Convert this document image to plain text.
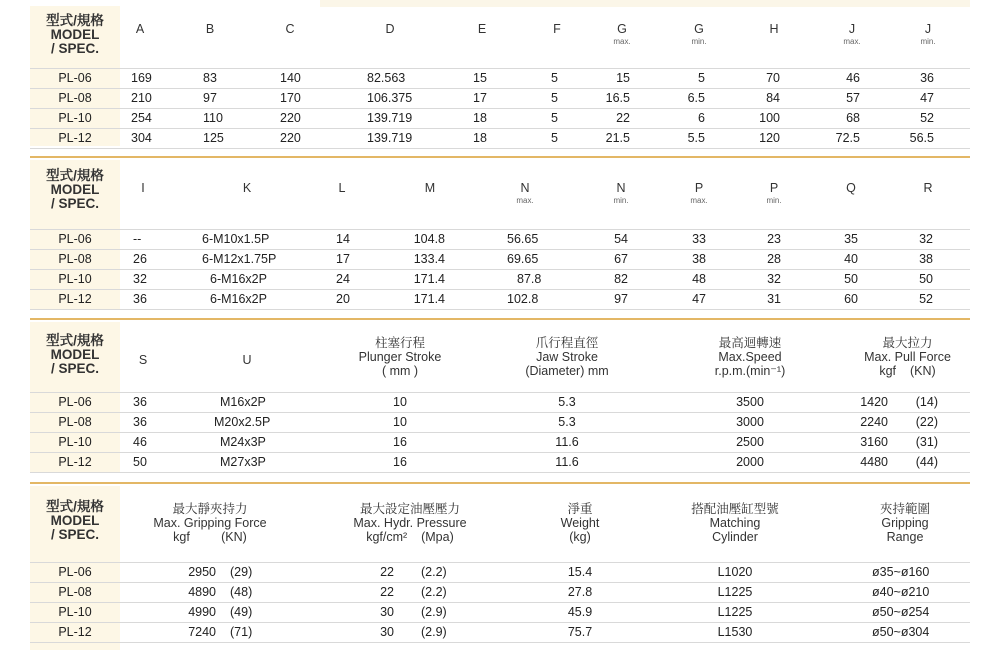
型式/規格
MODEL
/ SPEC.
A	B	C	D	E	F	G
max.
G
min.
H	J
max.
J
min.
PL-06	169	83	140	82.563	15	5	15	5	70	46	36
PL-08	210	97	170	106.375	17	5	16.5	6.5	84	57	47
PL-10	254	110	220	139.719	18	5	22	6	100	68	52
PL-12	304	125	220	139.719	18	5	21.5	5.5	120	72.5	56.5
型式/規格
MODEL
/ SPEC.
I	K	L	M	N
max.
N
min.
P
max.
P
min.
Q	R
PL-06	--	6-M10x1.5P	14	104.8	56.65	54	33	23	35	32
PL-08	26	6-M12x1.75P	17	133.4	69.65	67	38	28	40	38
PL-10	32	6-M16x2P	24	171.4	87.8	82	48	32	50	50
PL-12	36	6-M16x2P	20	171.4	102.8	97	47	31	60	52
型式/規格
MODEL
/ SPEC.
S	U
柱塞行程
Plunger Stroke
( mm )
爪行程直徑
Jaw Stroke
(Diameter) mm
最高迴轉速
Max.Speed
r.p.m.(min⁻¹)
最大拉力
Max. Pull Force
kgf (KN)
PL-06	36	M16x2P	10	5.3	3500	1420	(14)
PL-08	36	M20x2.5P	10	5.3	3000	2240	(22)
PL-10	46	M24x3P	16	11.6	2500	3160	(31)
PL-12	50	M27x3P	16	11.6	2000	4480	(44)
型式/規格
MODEL
/ SPEC.
最大靜夾持力
Max. Gripping Force
kgf	(KN)
最大設定油壓壓力
Max. Hydr. Pressure
kgf/cm² (Mpa)
淨重
Weight
(kg)
搭配油壓缸型號
Matching
Cylinder
夾持範圍
Gripping
Range
PL-06	2950 (29)	22 (2.2)	15.4	L1020	ø35~ø160
PL-08	4890 (48)	22 (2.2)	27.8	L1225	ø40~ø210
PL-10	4990 (49)	30 (2.9)	45.9	L1225	ø50~ø254
PL-12	7240 (71)	30 (2.9)	75.7	L1530	ø50~ø304
